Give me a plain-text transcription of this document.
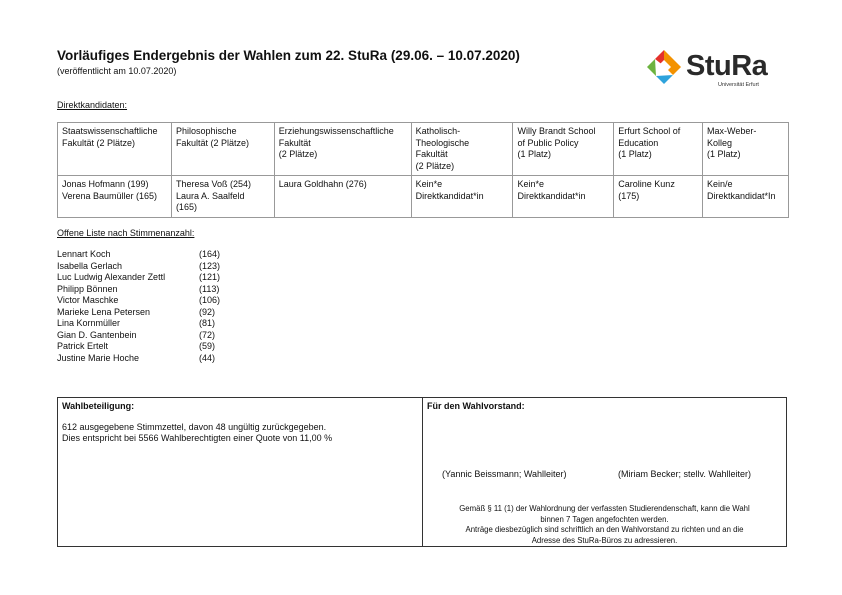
Vorläufiges Endergebnis der Wahlen zum 22. StuRa (29.06. – 10.07.2020)
(veröffentlicht am 10.07.2020)	StuRa
Universität Erfurt
Direktkandidaten:
Staatswissenschaftliche Fakultät (2 Plätze)	Philosophische Fakultät (2 Plätze)	Erziehungswissenschaftliche Fakultät
(2 Plätze)	Katholisch-
Theologische
Fakultät
(2 Plätze)	Willy Brandt School
of Public Policy
(1 Platz)	Erfurt School of
Education
(1 Platz)	Max-Weber-
Kolleg
(1 Platz)
Jonas Hofmann (199)
Verena Baumüller (165)	Theresa Voß (254)
Laura A. Saalfeld
(165)	Laura Goldhahn (276)	Kein*e
Direktkandidat*in	Kein*e
Direktkandidat*in	Caroline Kunz
(175)	Kein/e
Direktkandidat*In
Offene Liste nach Stimmenanzahl:
Lennart Koch	(164)
Isabella Gerlach	(123)
Luc Ludwig Alexander Zettl	(121)
Philipp Bönnen	(113)
Victor Maschke	(106)
Marieke Lena Petersen	(92)
Lina Kornmüller	(81)
Gian D. Gantenbein	(72)
Patrick Ertelt	(59)
Justine Marie Hoche	(44)
Wahlbeteiligung:
612 ausgegebene Stimmzettel, davon 48 ungültig zurückgegeben.
Dies entspricht bei 5566 Wahlberechtigten einer Quote von 11,00 %
Für den Wahlvorstand:
(Yannic Beissmann; Wahlleiter)	(Miriam Becker; stellv. Wahlleiter)
Gemäß § 11 (1) der Wahlordnung der verfassten Studierendenschaft, kann die Wahl
binnen 7 Tagen angefochten werden.
Anträge diesbezüglich sind schriftlich an den Wahlvorstand zu richten und an die
Adresse des StuRa-Büros zu adressieren.
